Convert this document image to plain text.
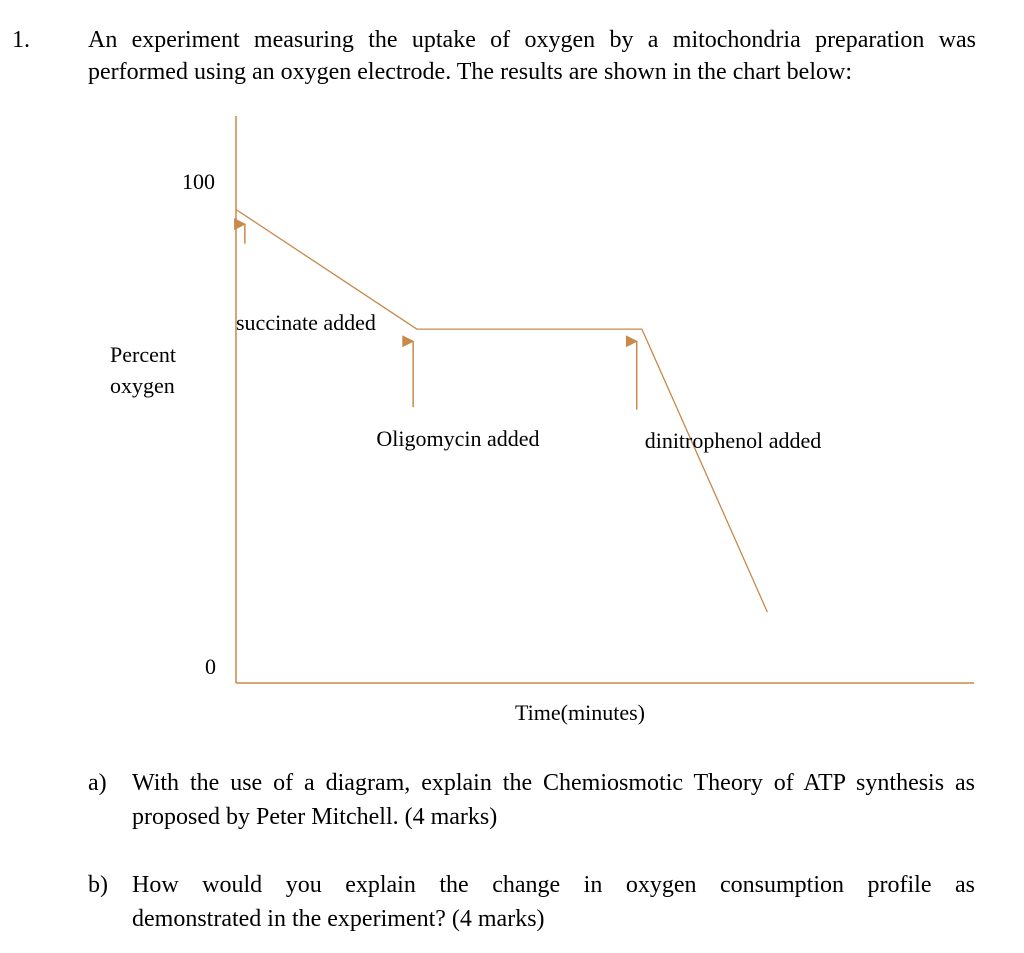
1. An experiment measuring the uptake of oxygen by a mitochondria preparation was
performed using an oxygen electrode. The results are shown in the chart below:
100
0
Percent
oxygen
Time(minutes)
succinate added
Oligomycin added	dinitrophenol added
a) With the use of a diagram, explain the Chemiosmotic Theory of ATP synthesis as
proposed by Peter Mitchell. (4 marks)
b) How would you explain the change in oxygen consumption profile as
demonstrated in the experiment? (4 marks)
